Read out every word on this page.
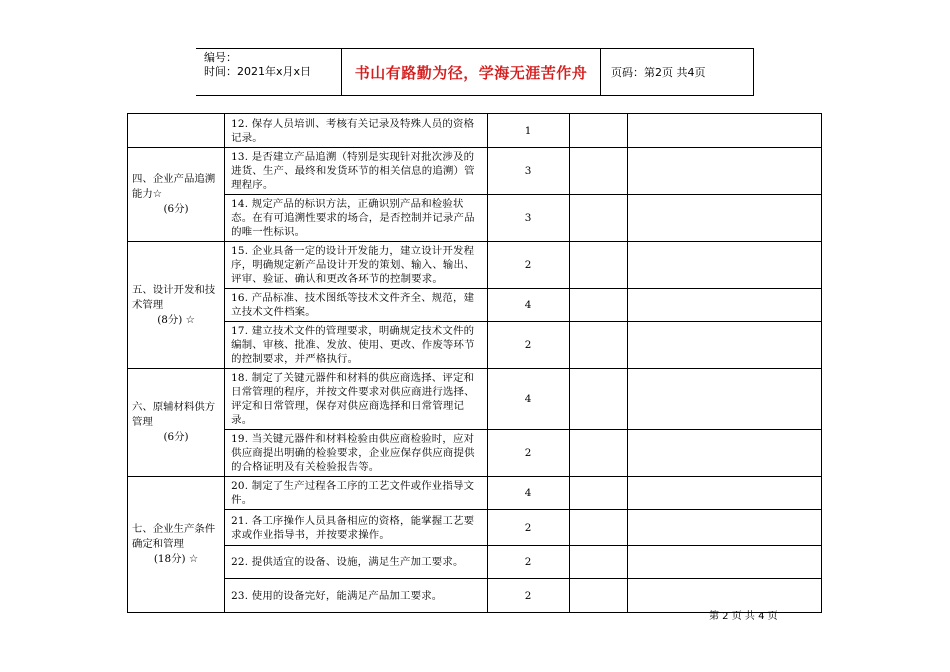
编号：
时间：2021年x月x日	书山有路勤为径，学海无涯苦作舟	页码：第2页 共4页
	12. 保存人员培训、考核有关记录及特殊人员的资格记录。	1		
四、企业产品追溯能力☆
(6分)	13. 是否建立产品追溯（特别是实现针对批次涉及的进货、生产、最终和发货环节的相关信息的追溯）管理程序。	3		
	14. 规定产品的标识方法，正确识别产品和检验状态。在有可追溯性要求的场合，是否控制并记录产品的唯一性标识。	3		
五、设计开发和技术管理
(8分) ☆	15. 企业具备一定的设计开发能力，建立设计开发程序，明确规定新产品设计开发的策划、输入、输出、评审、验证、确认和更改各环节的控制要求。	2		
	16. 产品标准、技术图纸等技术文件齐全、规范，建立技术文件档案。	4		
	17. 建立技术文件的管理要求，明确规定技术文件的编制、审核、批准、发放、使用、更改、作废等环节的控制要求，并严格执行。	2		
六、原辅材料供方管理
(6分)	18. 制定了关键元器件和材料的供应商选择、评定和日常管理的程序，并按文件要求对供应商进行选择、评定和日常管理，保存对供应商选择和日常管理记录。	4		
	19. 当关键元器件和材料检验由供应商检验时，应对供应商提出明确的检验要求，企业应保存供应商提供的合格证明及有关检验报告等。	2		
七、企业生产条件确定和管理
(18分) ☆	20. 制定了生产过程各工序的工艺文件或作业指导文件。	4		
	21. 各工序操作人员具备相应的资格，能掌握工艺要求或作业指导书，并按要求操作。	2		
	22. 提供适宜的设备、设施，满足生产加工要求。	2		
	23. 使用的设备完好，能满足产品加工要求。	2		
第 2 页 共 4 页
